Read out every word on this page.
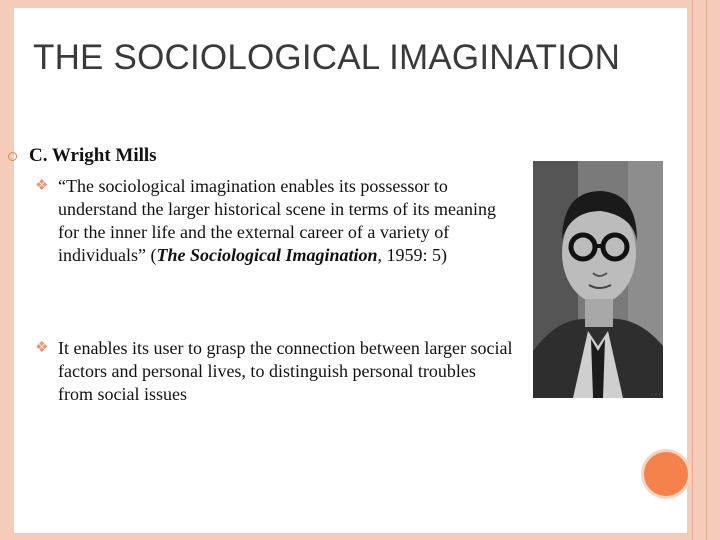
THE SOCIOLOGICAL IMAGINATION
C. Wright Mills
❖ “The sociological imagination enables its possessor to understand the larger historical scene in terms of its meaning for the inner life and the external career of a variety of individuals” (The Sociological Imagination, 1959: 5)
❖ It enables its user to grasp the connection between larger social factors and personal lives, to distinguish personal troubles from social issues	· · ·
